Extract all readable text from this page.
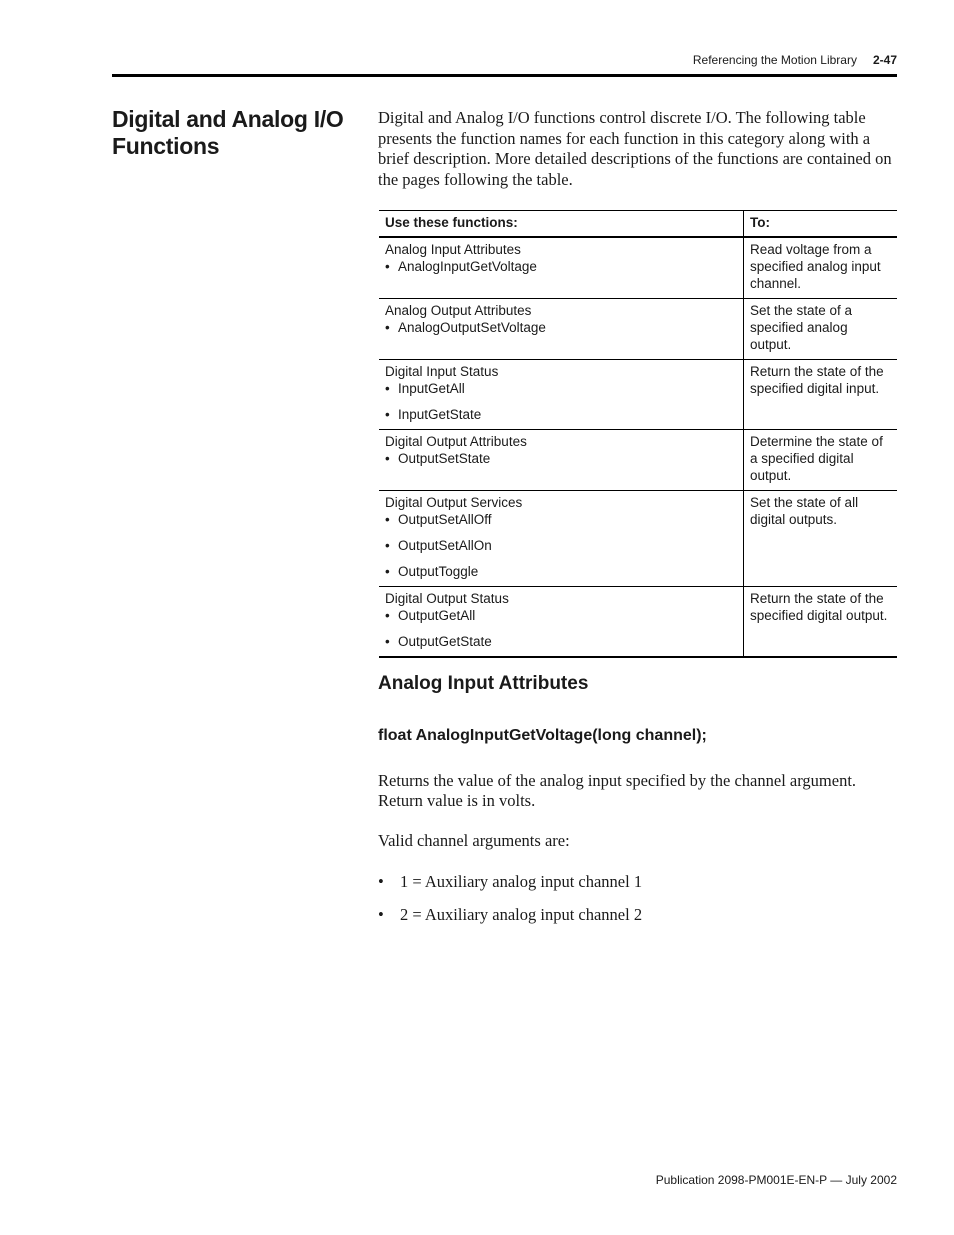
Referencing the Motion Library 2-47
Digital and Analog I/O Functions

Digital and Analog I/O functions control discrete I/O. The following table presents the function names for each function in this category along with a brief description. More detailed descriptions of the functions are contained on the pages following the table.

Use these functions:	To:

Analog Input Attributes
• AnalogInputGetVoltage	Read voltage from a specified analog input channel.

Analog Output Attributes
• AnalogOutputSetVoltage	Set the state of a specified analog output.

Digital Input Status
• InputGetAll
• InputGetState	Return the state of the specified digital input.

Digital Output Attributes
• OutputSetState	Determine the state of a specified digital output.

Digital Output Services
• OutputSetAllOff
• OutputSetAllOn
• OutputToggle	Set the state of all digital outputs.

Digital Output Status
• OutputGetAll
• OutputGetState	Return the state of the specified digital output.
Analog Input Attributes
float AnalogInputGetVoltage(long channel);

Returns the value of the analog input specified by the channel argument. Return value is in volts.

Valid channel arguments are:

• 1 = Auxiliary analog input channel 1
• 2 = Auxiliary analog input channel 2
Publication 2098-PM001E-EN-P — July 2002
